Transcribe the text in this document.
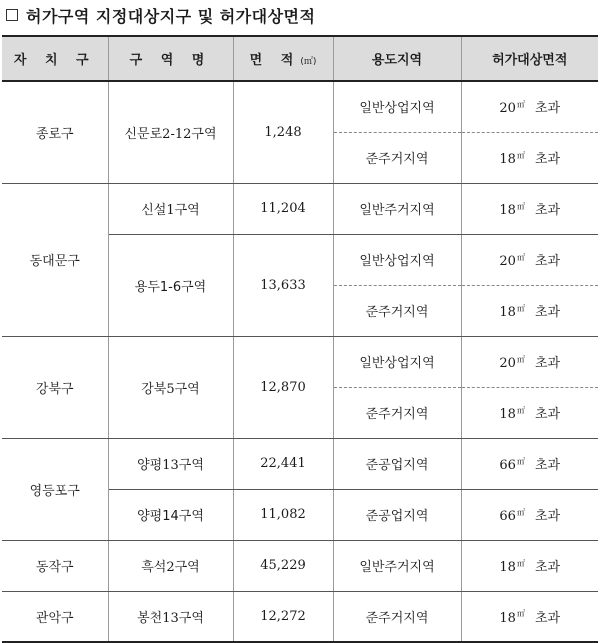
허가구역 지정대상지구 및 허가대상면적
자 치 구	구 역 명	면 적(㎡)	용도지역	허가대상면적
종로구	신문로2-12구역	1,248	일반상업지역	20㎡ 초과
			준주거지역	18㎡ 초과
동대문구	신설1구역	11,204	일반주거지역	18㎡ 초과
	용두1-6구역	13,633	일반상업지역	20㎡ 초과
			준주거지역	18㎡ 초과
강북구	강북5구역	12,870	일반상업지역	20㎡ 초과
			준주거지역	18㎡ 초과
영등포구	양평13구역	22,441	준공업지역	66㎡ 초과
	양평14구역	11,082	준공업지역	66㎡ 초과
동작구	흑석2구역	45,229	일반주거지역	18㎡ 초과
관악구	봉천13구역	12,272	준주거지역	18㎡ 초과
